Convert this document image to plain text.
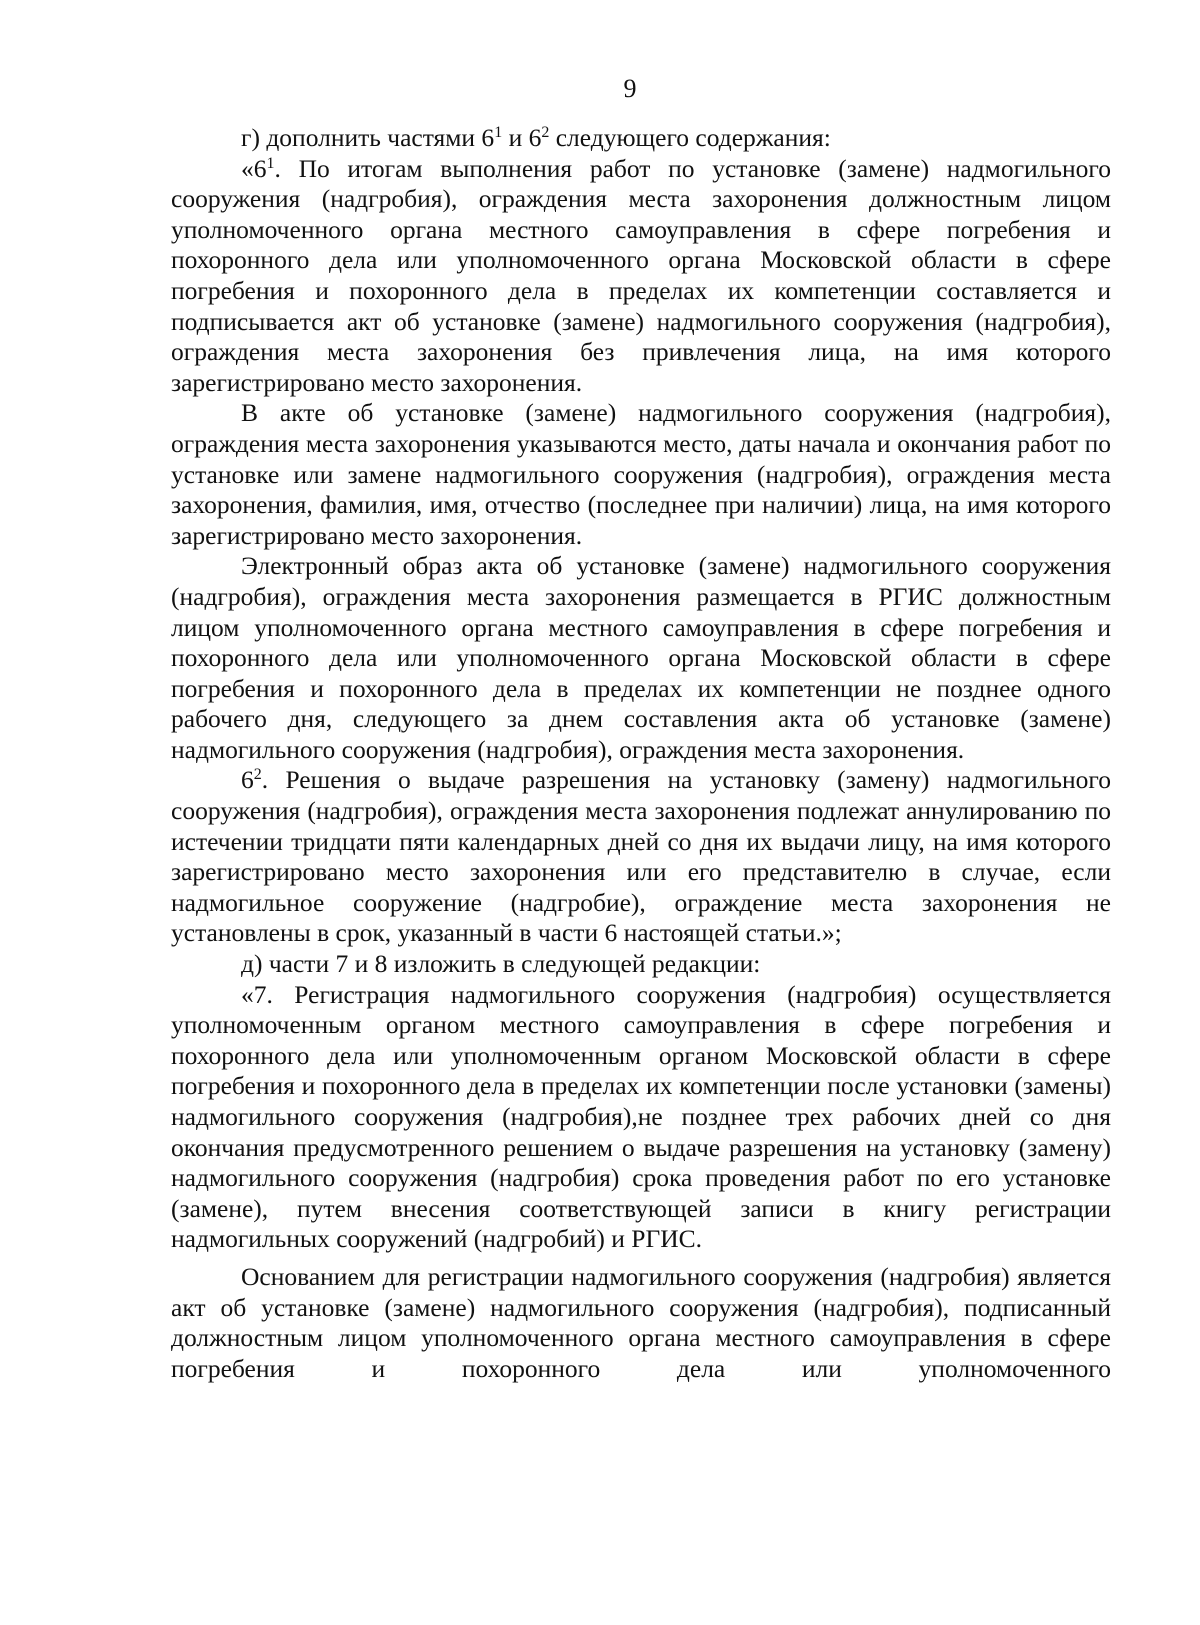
9

г) дополнить частями $6^1$ и $6^2$ следующего содержания:

«$6^1$. По итогам выполнения работ по установке (замене) надмогильного сооружения (надгробия), ограждения места захоронения должностным лицом уполномоченного органа местного самоуправления в сфере погребения и похоронного дела или уполномоченного органа Московской области в сфере погребения и похоронного дела в пределах их компетенции составляется и подписывается акт об установке (замене) надмогильного сооружения (надгробия), ограждения места захоронения без привлечения лица, на имя которого зарегистрировано место захоронения.

В акте об установке (замене) надмогильного сооружения (надгробия), ограждения места захоронения указываются место, даты начала и окончания работ по установке или замене надмогильного сооружения (надгробия), ограждения места захоронения, фамилия, имя, отчество (последнее при наличии) лица, на имя которого зарегистрировано место захоронения.

Электронный образ акта об установке (замене) надмогильного сооружения (надгробия), ограждения места захоронения размещается в РГИС должностным лицом уполномоченного органа местного самоуправления в сфере погребения и похоронного дела или уполномоченного органа Московской области в сфере погребения и похоронного дела в пределах их компетенции не позднее одного рабочего дня, следующего за днем составления акта об установке (замене) надмогильного сооружения (надгробия), ограждения места захоронения.

$6^2$. Решения о выдаче разрешения на установку (замену) надмогильного сооружения (надгробия), ограждения места захоронения подлежат аннулированию по истечении тридцати пяти календарных дней со дня их выдачи лицу, на имя которого зарегистрировано место захоронения или его представителю в случае, если надмогильное сооружение (надгробие), ограждение места захоронения не установлены в срок, указанный в части 6 настоящей статьи.»;

д) части 7 и 8 изложить в следующей редакции:

«7. Регистрация надмогильного сооружения (надгробия) осуществляется уполномоченным органом местного самоуправления в сфере погребения и похоронного дела или уполномоченным органом Московской области в сфере погребения и похоронного дела в пределах их компетенции после установки (замены) надмогильного сооружения (надгробия),не позднее трех рабочих дней со дня окончания предусмотренного решением о выдаче разрешения на установку (замену) надмогильного сооружения (надгробия) срока проведения работ по его установке (замене), путем внесения соответствующей записи в книгу регистрации надмогильных сооружений (надгробий) и РГИС.

Основанием для регистрации надмогильного сооружения (надгробия) является акт об установке (замене) надмогильного сооружения (надгробия), подписанный должностным лицом уполномоченного органа местного самоуправления в сфере погребения и похоронного дела или уполномоченного
